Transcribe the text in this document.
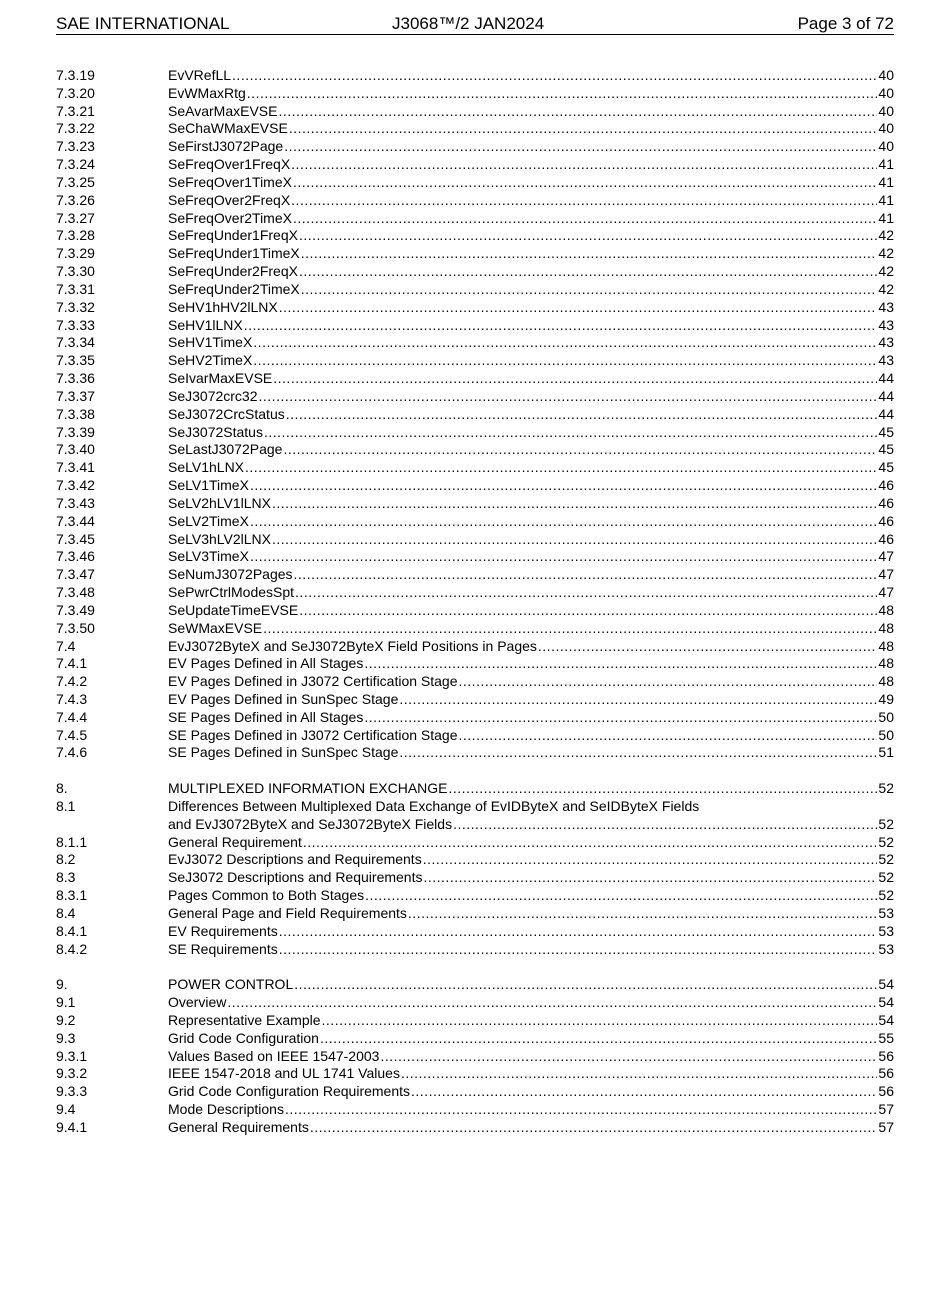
SAE INTERNATIONAL	J3068™/2 JAN2024	Page 3 of 72
7.3.19	EvVRefLL .....	40
7.3.20	EvWMaxRtg .....	40
7.3.21	SeAvarMaxEVSE .....	40
7.3.22	SeChaWMaxEVSE .....	40
7.3.23	SeFirstJ3072Page .....	40
7.3.24	SeFreqOver1FreqX .....	41
7.3.25	SeFreqOver1TimeX .....	41
7.3.26	SeFreqOver2FreqX .....	41
7.3.27	SeFreqOver2TimeX .....	41
7.3.28	SeFreqUnder1FreqX .....	42
7.3.29	SeFreqUnder1TimeX .....	42
7.3.30	SeFreqUnder2FreqX .....	42
7.3.31	SeFreqUnder2TimeX .....	42
7.3.32	SeHV1hHV2lLNX .....	43
7.3.33	SeHV1lLNX .....	43
7.3.34	SeHV1TimeX .....	43
7.3.35	SeHV2TimeX .....	43
7.3.36	SeIvarMaxEVSE .....	44
7.3.37	SeJ3072crc32 .....	44
7.3.38	SeJ3072CrcStatus .....	44
7.3.39	SeJ3072Status .....	45
7.3.40	SeLastJ3072Page .....	45
7.3.41	SeLV1hLNX .....	45
7.3.42	SeLV1TimeX .....	46
7.3.43	SeLV2hLV1lLNX .....	46
7.3.44	SeLV2TimeX .....	46
7.3.45	SeLV3hLV2lLNX .....	46
7.3.46	SeLV3TimeX .....	47
7.3.47	SeNumJ3072Pages .....	47
7.3.48	SePwrCtrlModesSpt .....	47
7.3.49	SeUpdateTimeEVSE .....	48
7.3.50	SeWMaxEVSE .....	48
7.4	EvJ3072ByteX and SeJ3072ByteX Field Positions in Pages .....	48
7.4.1	EV Pages Defined in All Stages .....	48
7.4.2	EV Pages Defined in J3072 Certification Stage .....	48
7.4.3	EV Pages Defined in SunSpec Stage .....	49
7.4.4	SE Pages Defined in All Stages .....	50
7.4.5	SE Pages Defined in J3072 Certification Stage .....	50
7.4.6	SE Pages Defined in SunSpec Stage .....	51
8.	MULTIPLEXED INFORMATION EXCHANGE .....	52
8.1	Differences Between Multiplexed Data Exchange of EvIDByteX and SeIDByteX Fields
and EvJ3072ByteX and SeJ3072ByteX Fields .....	52
8.1.1	General Requirement .....	52
8.2	EvJ3072 Descriptions and Requirements .....	52
8.3	SeJ3072 Descriptions and Requirements .....	52
8.3.1	Pages Common to Both Stages .....	52
8.4	General Page and Field Requirements .....	53
8.4.1	EV Requirements .....	53
8.4.2	SE Requirements .....	53
9.	POWER CONTROL .....	54
9.1	Overview .....	54
9.2	Representative Example .....	54
9.3	Grid Code Configuration .....	55
9.3.1	Values Based on IEEE 1547-2003 .....	56
9.3.2	IEEE 1547-2018 and UL 1741 Values .....	56
9.3.3	Grid Code Configuration Requirements .....	56
9.4	Mode Descriptions .....	57
9.4.1	General Requirements .....	57
